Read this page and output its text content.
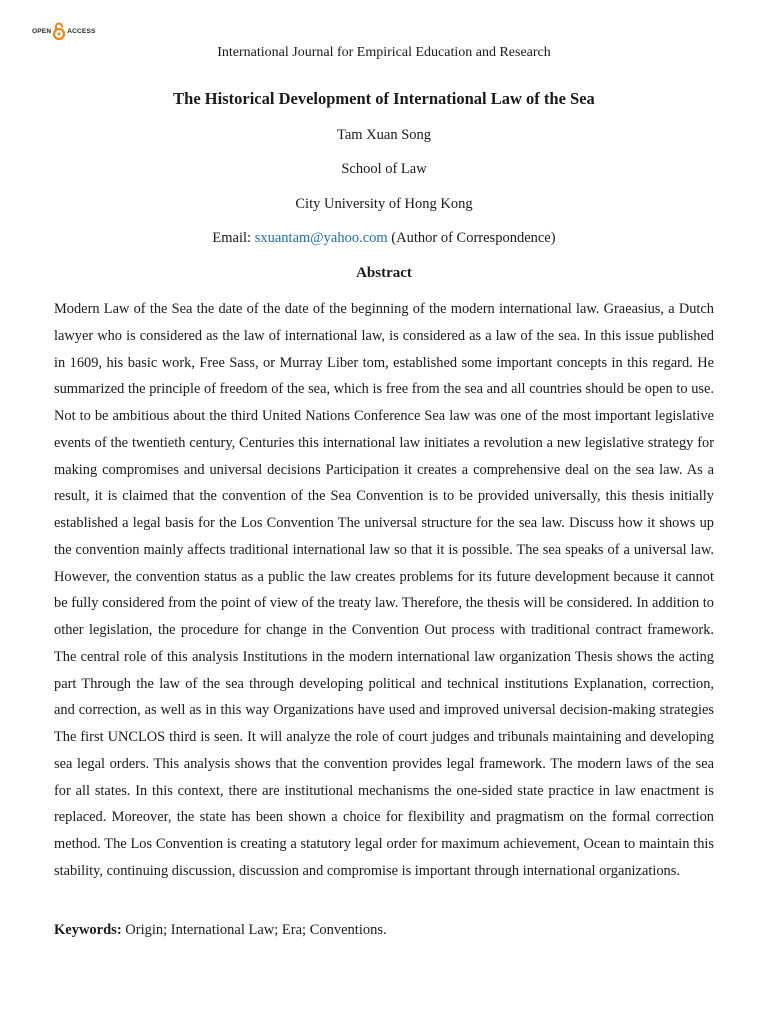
OPEN ACCESS
International Journal for Empirical Education and Research
The Historical Development of International Law of the Sea
Tam Xuan Song
School of Law
City University of Hong Kong
Email: sxuantam@yahoo.com (Author of Correspondence)
Abstract

Modern Law of the Sea the date of the date of the beginning of the modern international law. Graeasius, a Dutch lawyer who is considered as the law of international law, is considered as a law of the sea. In this issue published in 1609, his basic work, Free Sass, or Murray Liber tom, established some important concepts in this regard. He summarized the principle of freedom of the sea, which is free from the sea and all countries should be open to use. Not to be ambitious about the third United Nations Conference Sea law was one of the most important legislative events of the twentieth century, Centuries this international law initiates a revolution a new legislative strategy for making compromises and universal decisions Participation it creates a comprehensive deal on the sea law. As a result, it is claimed that the convention of the Sea Convention is to be provided universally, this thesis initially established a legal basis for the Los Convention The universal structure for the sea law. Discuss how it shows up the convention mainly affects traditional international law so that it is possible. The sea speaks of a universal law. However, the convention status as a public the law creates problems for its future development because it cannot be fully considered from the point of view of the treaty law. Therefore, the thesis will be considered. In addition to other legislation, the procedure for change in the Convention Out process with traditional contract framework. The central role of this analysis Institutions in the modern international law organization Thesis shows the acting part Through the law of the sea through developing political and technical institutions Explanation, correction, and correction, as well as in this way Organizations have used and improved universal decision-making strategies The first UNCLOS third is seen. It will analyze the role of court judges and tribunals maintaining and developing sea legal orders. This analysis shows that the convention provides legal framework. The modern laws of the sea for all states. In this context, there are institutional mechanisms the one-sided state practice in law enactment is replaced. Moreover, the state has been shown a choice for flexibility and pragmatism on the formal correction method. The Los Convention is creating a statutory legal order for maximum achievement, Ocean to maintain this stability, continuing discussion, discussion and compromise is important through international organizations.

Keywords: Origin; International Law; Era; Conventions.
